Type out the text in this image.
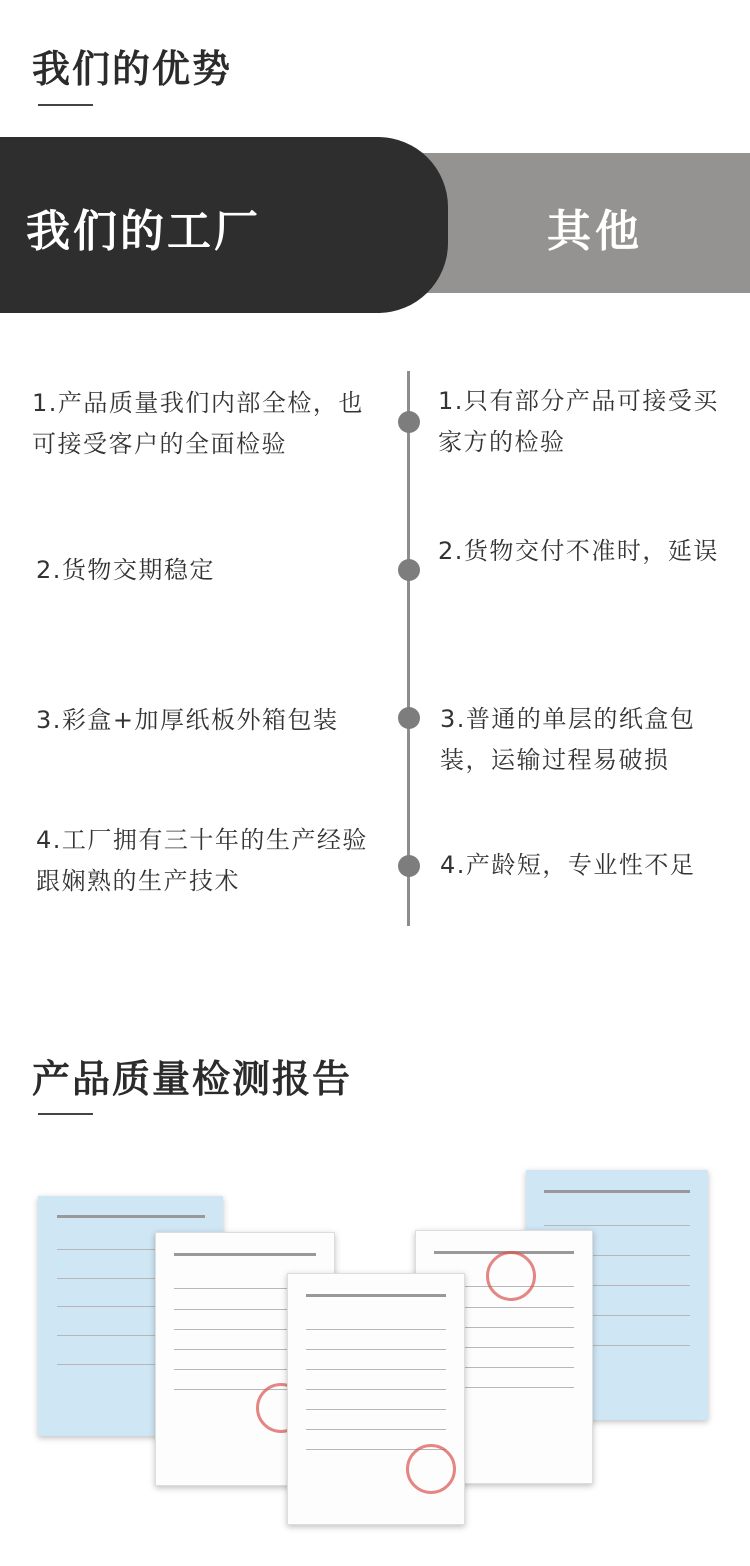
我们的优势
我们的工厂	其他
1.产品质量我们内部全检，也可接受客户的全面检验
2.货物交期稳定
3.彩盒+加厚纸板外箱包装
4.工厂拥有三十年的生产经验跟娴熟的生产技术
1.只有部分产品可接受买家方的检验
2.货物交付不准时，延误
3.普通的单层的纸盒包装，运输过程易破损
4.产龄短，专业性不足
产品质量检测报告
